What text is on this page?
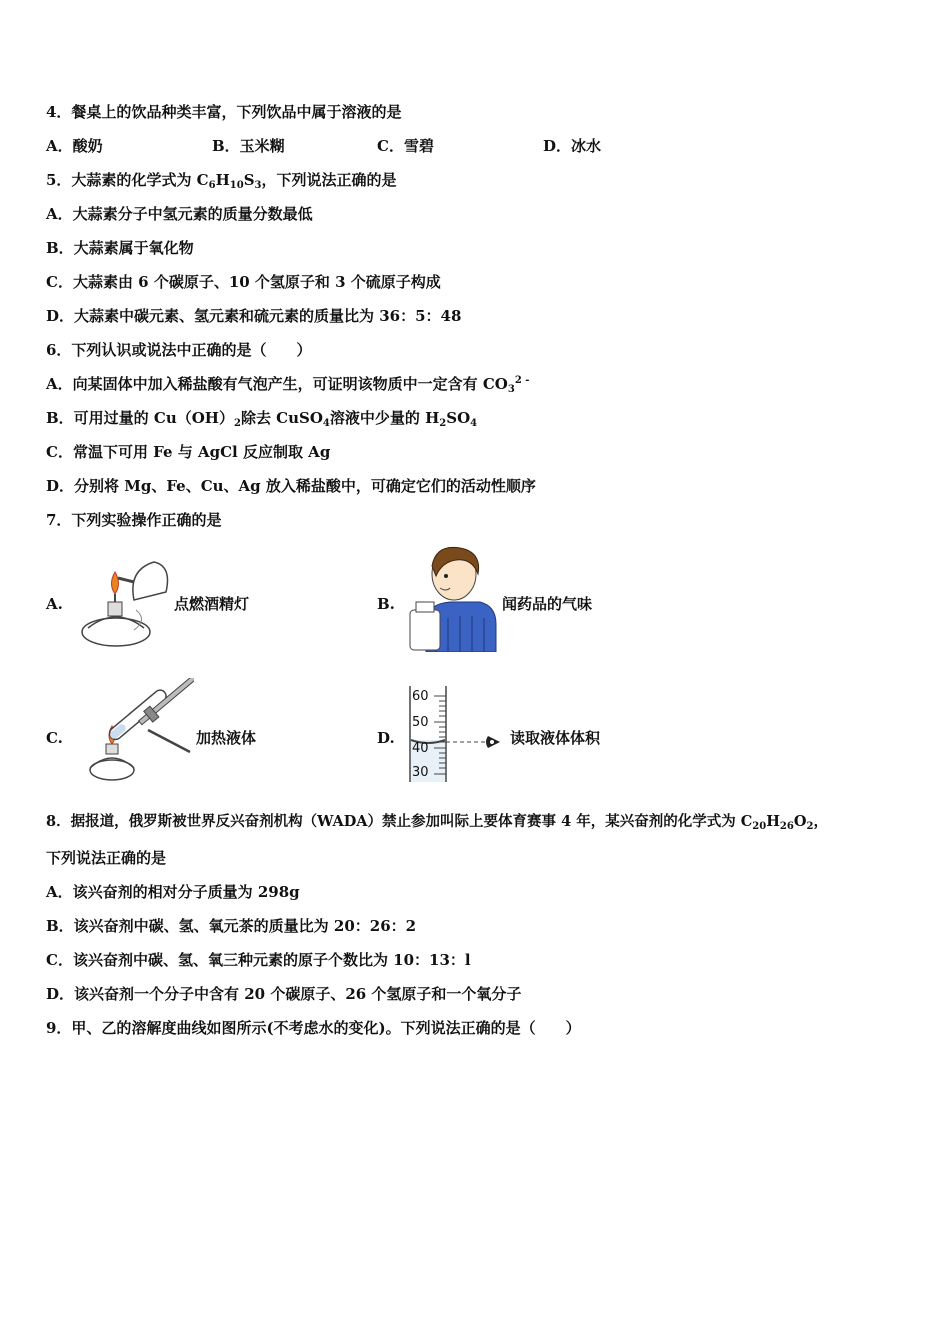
4．餐桌上的饮品种类丰富，下列饮品中属于溶液的是
A．酸奶	B．玉米糊	C．雪碧	D．冰水
5．大蒜素的化学式为 $C_6H_{10}S_3$，下列说法正确的是
A．大蒜素分子中氢元素的质量分数最低
B．大蒜素属于氧化物
C．大蒜素由 6 个碳原子、10 个氢原子和 3 个硫原子构成
D．大蒜素中碳元素、氢元素和硫元素的质量比为 36：5：48
6．下列认识或说法中正确的是（　　）
A．向某固体中加入稀盐酸有气泡产生，可证明该物质中一定含有 $CO_3^{2 -}$
B．可用过量的 $Cu(OH)_2$除去 CuSO$_4$溶液中少量的 $H_2SO_4$
C．常温下可用 Fe 与 AgCl 反应制取 Ag
D．分别将 Mg、Fe、Cu、Ag 放入稀盐酸中，可确定它们的活动性顺序
7．下列实验操作正确的是
A.	点燃酒精灯	B.	闻药品的气味
C.	加热液体	D.
60
50
40
30
读取液体体积
8．据报道，俄罗斯被世界反兴奋剂机构（WADA）禁止参加叫际上要体育赛事 4 年，某兴奋剂的化学式为 $C_{20}H_{26}O_2$，
下列说法正确的是
A．该兴奋剂的相对分子质量为 298g
B．该兴奋剂中碳、氢、氧元茶的质量比为 20：26：2
C．该兴奋剂中碳、氢、氧三种元素的原子个数比为 10：13：l
D．该兴奋剂一个分子中含有 20 个碳原子、26 个氢原子和一个氧分子
9．甲、乙的溶解度曲线如图所示(不考虑水的变化)。下列说法正确的是（　　）
